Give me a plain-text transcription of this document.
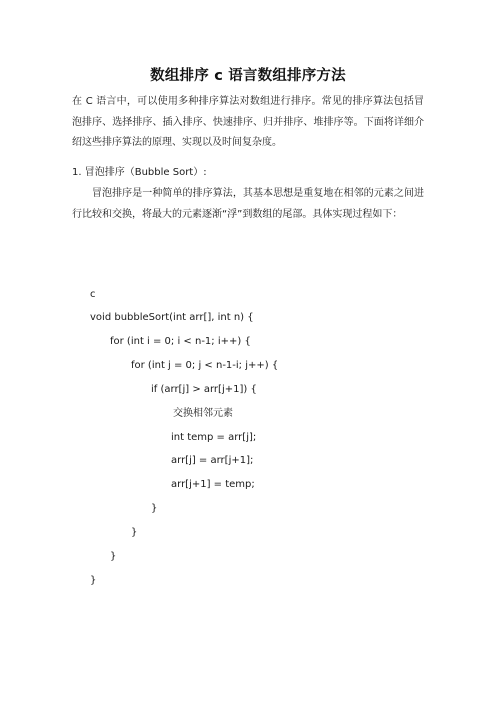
数组排序 c 语言数组排序方法

在 C 语言中，可以使用多种排序算法对数组进行排序。常见的排序算法包括冒泡排序、选择排序、插入排序、快速排序、归并排序、堆排序等。下面将详细介绍这些排序算法的原理、实现以及时间复杂度。

1. 冒泡排序（Bubble Sort）:

冒泡排序是一种简单的排序算法，其基本思想是重复地在相邻的元素之间进行比较和交换，将最大的元素逐渐“浮”到数组的尾部。具体实现过程如下：

c
void bubbleSort(int arr[], int n) {
for (int i = 0; i < n-1; i++) {
for (int j = 0; j < n-1-i; j++) {
if (arr[j] > arr[j+1]) {
交换相邻元素
int temp = arr[j];
arr[j] = arr[j+1];
arr[j+1] = temp;
}
}
}
}
